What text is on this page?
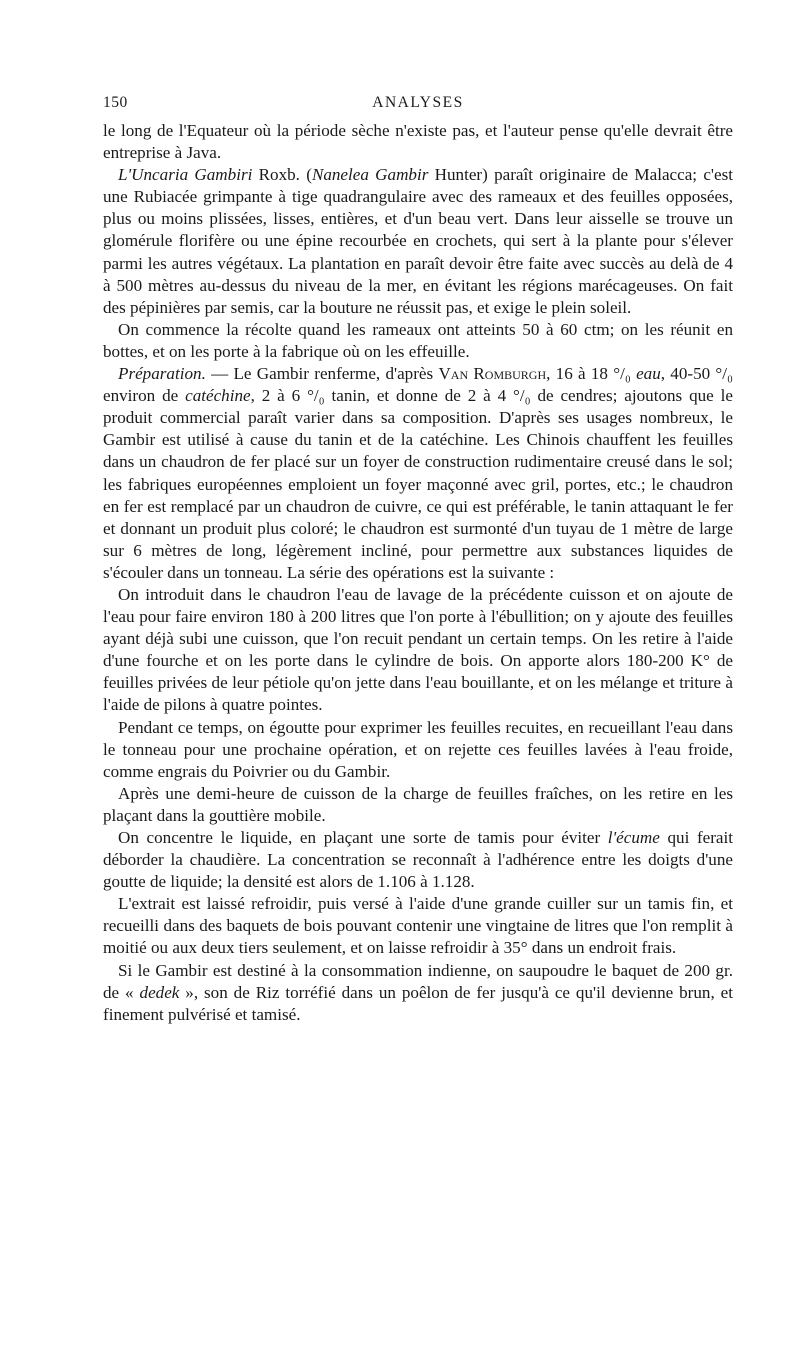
150	ANALYSES

le long de l'Equateur où la période sèche n'existe pas, et l'auteur pense qu'elle devrait être entreprise à Java.

L'Uncaria Gambiri Roxb. (Nanelea Gambir Hunter) paraît originaire de Malacca; c'est une Rubiacée grimpante à tige quadrangulaire avec des rameaux et des feuilles opposées, plus ou moins plissées, lisses, entières, et d'un beau vert. Dans leur aisselle se trouve un glomérule florifère ou une épine recourbée en crochets, qui sert à la plante pour s'élever parmi les autres végétaux. La plantation en paraît devoir être faite avec succès au delà de 4 à 500 mètres au-dessus du niveau de la mer, en évitant les régions marécageuses. On fait des pépinières par semis, car la bouture ne réussit pas, et exige le plein soleil.

On commence la récolte quand les rameaux ont atteints 50 à 60 ctm; on les réunit en bottes, et on les porte à la fabrique où on les effeuille.

Préparation. — Le Gambir renferme, d'après Van Romburgh, 16 à 18 °/₀ eau, 40-50 °/₀ environ de catéchine, 2 à 6 °/₀ tanin, et donne de 2 à 4 °/₀ de cendres; ajoutons que le produit commercial paraît varier dans sa composition. D'après ses usages nombreux, le Gambir est utilisé à cause du tanin et de la catéchine. Les Chinois chauffent les feuilles dans un chaudron de fer placé sur un foyer de construction rudimentaire creusé dans le sol; les fabriques européennes emploient un foyer maçonné avec gril, portes, etc.; le chaudron en fer est remplacé par un chaudron de cuivre, ce qui est préférable, le tanin attaquant le fer et donnant un produit plus coloré; le chaudron est surmonté d'un tuyau de 1 mètre de large sur 6 mètres de long, légèrement incliné, pour permettre aux substances liquides de s'écouler dans un tonneau. La série des opérations est la suivante :

On introduit dans le chaudron l'eau de lavage de la précédente cuisson et on ajoute de l'eau pour faire environ 180 à 200 litres que l'on porte à l'ébullition; on y ajoute des feuilles ayant déjà subi une cuisson, que l'on recuit pendant un certain temps. On les retire à l'aide d'une fourche et on les porte dans le cylindre de bois. On apporte alors 180-200 K° de feuilles privées de leur pétiole qu'on jette dans l'eau bouillante, et on les mélange et triture à l'aide de pilons à quatre pointes.

Pendant ce temps, on égoutte pour exprimer les feuilles recuites, en recueillant l'eau dans le tonneau pour une prochaine opération, et on rejette ces feuilles lavées à l'eau froide, comme engrais du Poivrier ou du Gambir.

Après une demi-heure de cuisson de la charge de feuilles fraîches, on les retire en les plaçant dans la gouttière mobile.

On concentre le liquide, en plaçant une sorte de tamis pour éviter l'écume qui ferait déborder la chaudière. La concentration se reconnaît à l'adhérence entre les doigts d'une goutte de liquide; la densité est alors de 1.106 à 1.128.

L'extrait est laissé refroidir, puis versé à l'aide d'une grande cuiller sur un tamis fin, et recueilli dans des baquets de bois pouvant contenir une vingtaine de litres que l'on remplit à moitié ou aux deux tiers seulement, et on laisse refroidir à 35° dans un endroit frais.

Si le Gambir est destiné à la consommation indienne, on saupoudre le baquet de 200 gr. de « dedek », son de Riz torréfié dans un poêlon de fer jusqu'à ce qu'il devienne brun, et finement pulvérisé et tamisé.
